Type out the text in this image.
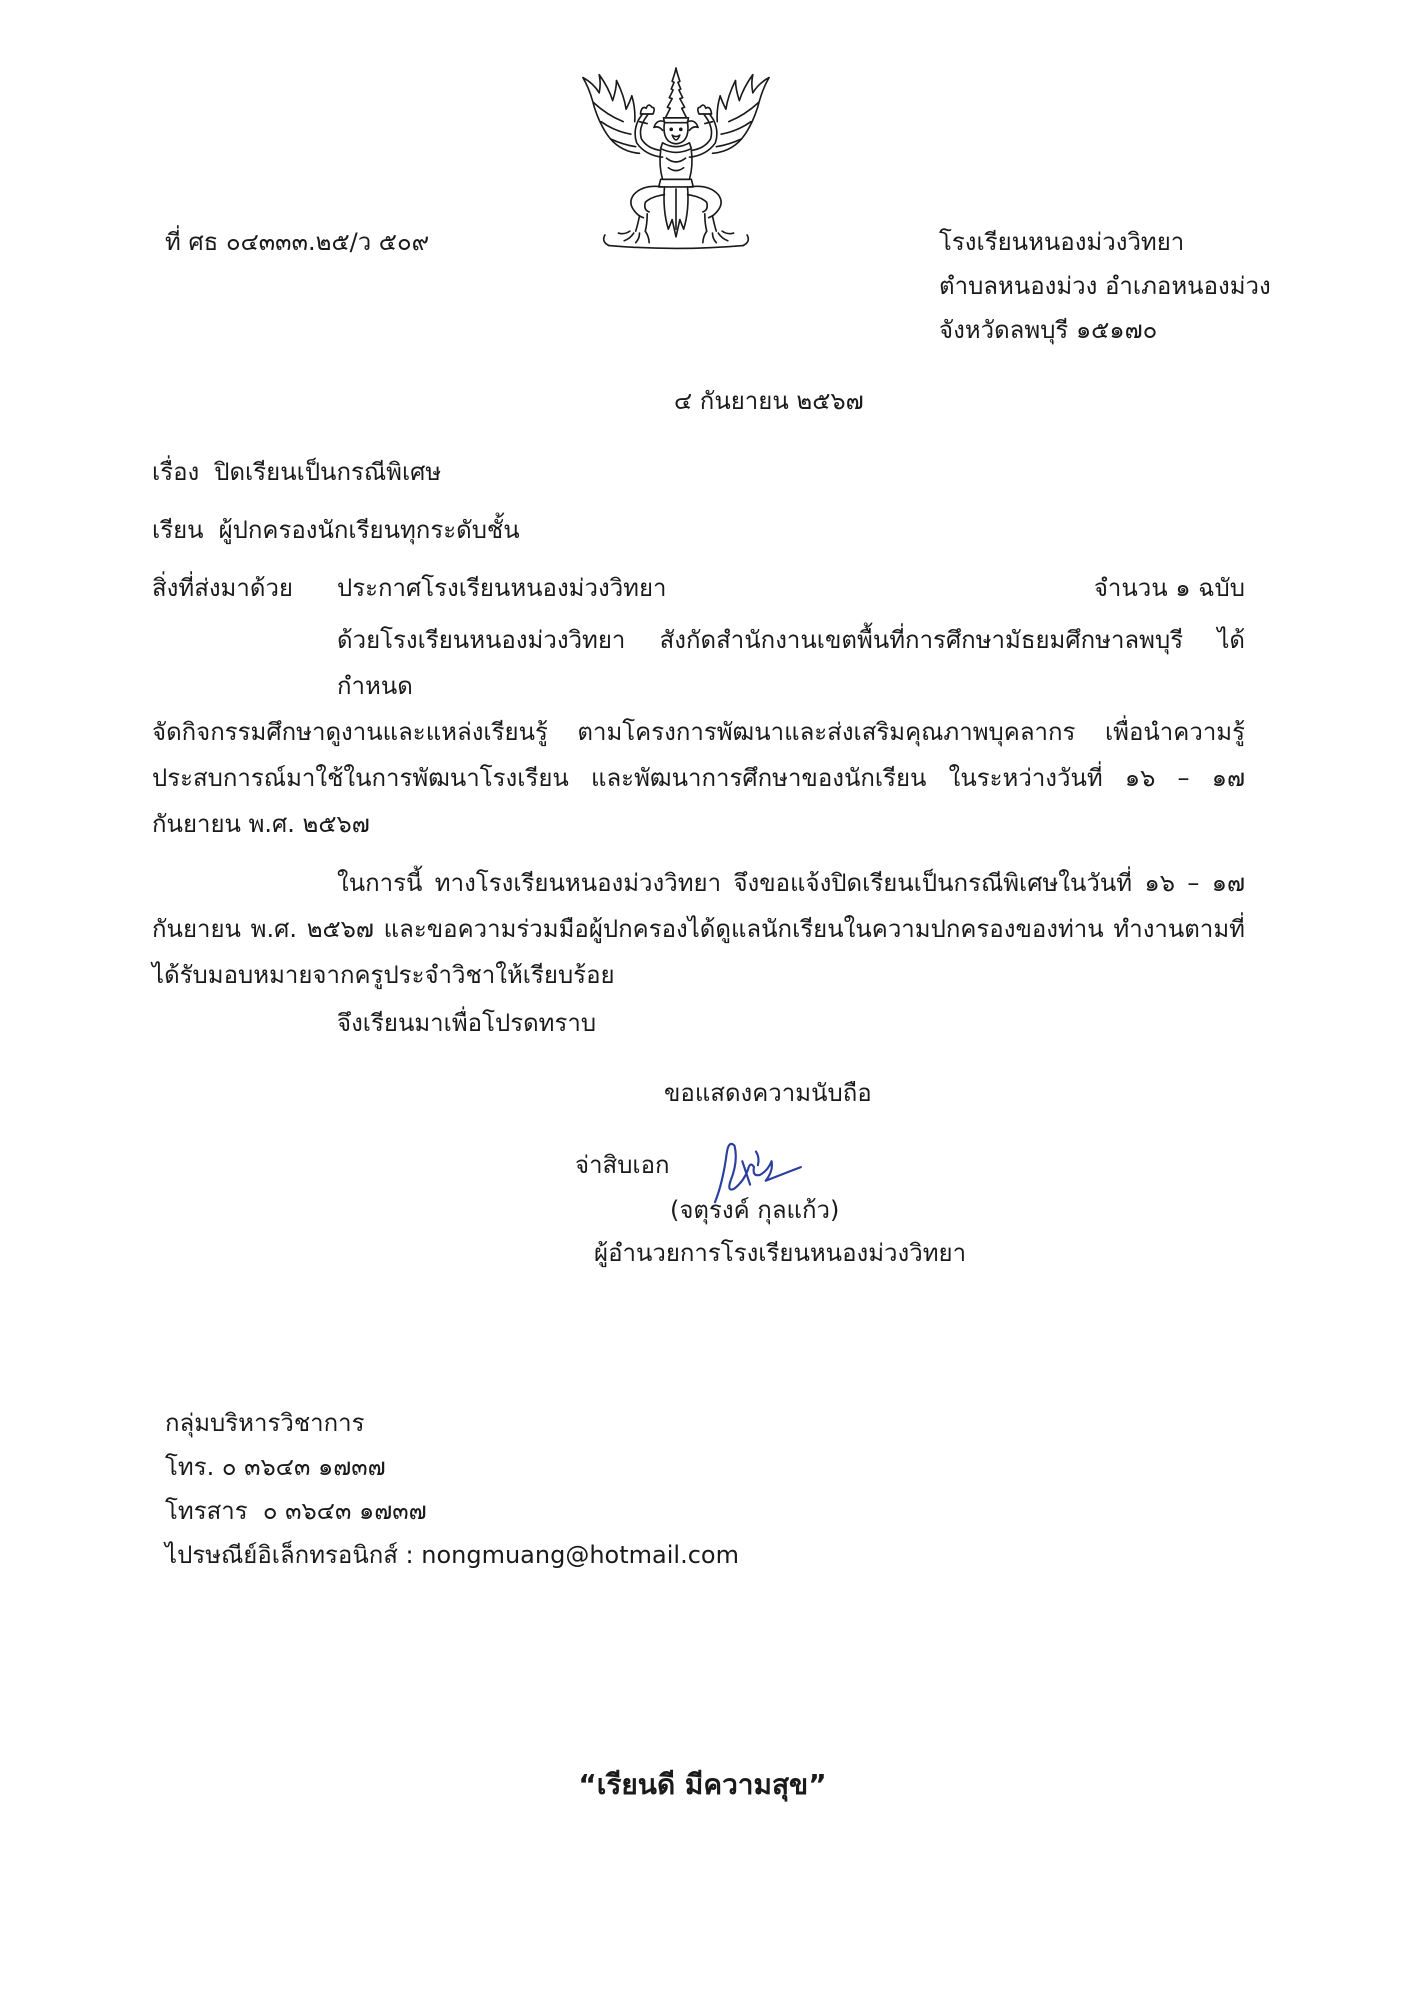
ที่ ศธ ๐๔๓๓๓.๒๕/ว ๕๐๙	โรงเรียนหนองม่วงวิทยา
ตำบลหนองม่วง อำเภอหนองม่วง
จังหวัดลพบุรี ๑๕๑๗๐
๔ กันยายน ๒๕๖๗
เรื่อง ปิดเรียนเป็นกรณีพิเศษ
เรียน ผู้ปกครองนักเรียนทุกระดับชั้น
สิ่งที่ส่งมาด้วย	ประกาศโรงเรียนหนองม่วงวิทยา	จำนวน ๑ ฉบับ
ด้วยโรงเรียนหนองม่วงวิทยา สังกัดสำนักงานเขตพื้นที่การศึกษามัธยมศึกษาลพบุรี ได้กำหนด
จัดกิจกรรมศึกษาดูงานและแหล่งเรียนรู้ ตามโครงการพัฒนาและส่งเสริมคุณภาพบุคลากร เพื่อนำความรู้
ประสบการณ์มาใช้ในการพัฒนาโรงเรียน และพัฒนาการศึกษาของนักเรียน ในระหว่างวันที่ ๑๖ – ๑๗
กันยายน พ.ศ. ๒๕๖๗
ในการนี้ ทางโรงเรียนหนองม่วงวิทยา จึงขอแจ้งปิดเรียนเป็นกรณีพิเศษในวันที่ ๑๖ – ๑๗
กันยายน พ.ศ. ๒๕๖๗ และขอความร่วมมือผู้ปกครองได้ดูแลนักเรียนในความปกครองของท่าน ทำงานตามที่
ได้รับมอบหมายจากครูประจำวิชาให้เรียบร้อย
จึงเรียนมาเพื่อโปรดทราบ
ขอแสดงความนับถือ
จ่าสิบเอก
(จตุรงค์ กุลแก้ว)
ผู้อำนวยการโรงเรียนหนองม่วงวิทยา
กลุ่มบริหารวิชาการ
โทร. ๐ ๓๖๔๓ ๑๗๓๗
โทรสาร  ๐ ๓๖๔๓ ๑๗๓๗
ไปรษณีย์อิเล็กทรอนิกส์ : nongmuang@hotmail.com
“เรียนดี มีความสุข”
